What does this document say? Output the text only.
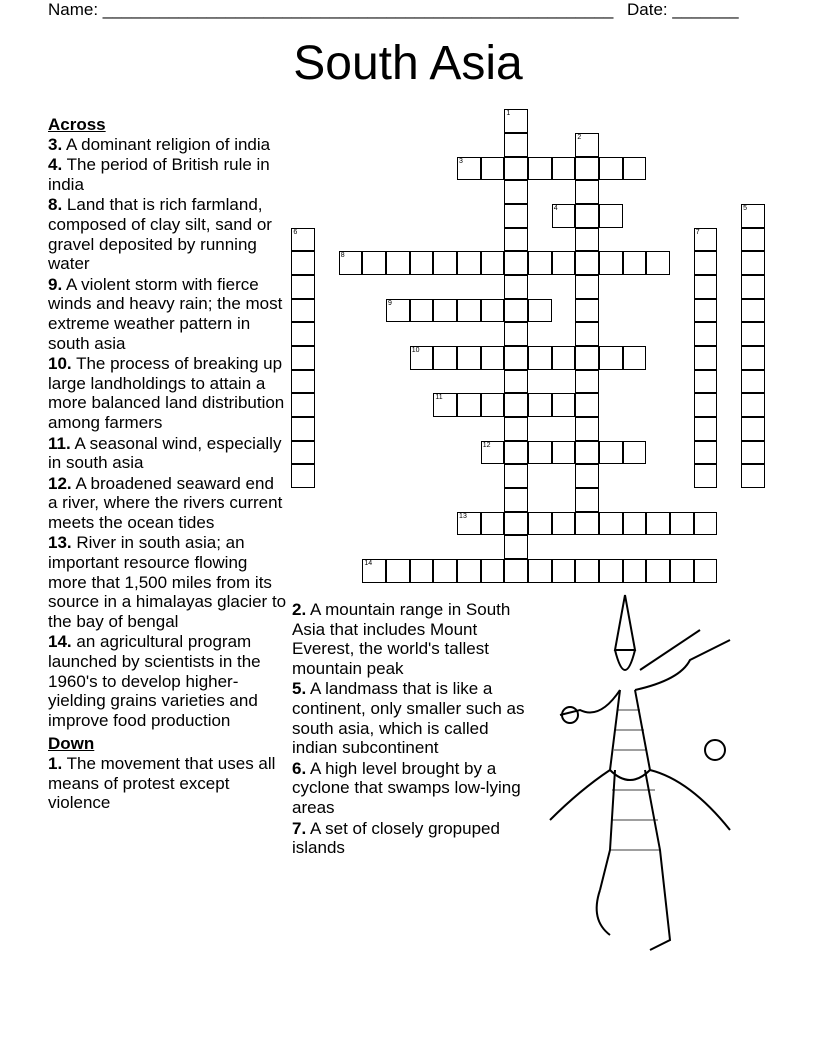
Name: ______________________________________________________ Date: _______
South Asia
Across
3. A dominant religion of india
4. The period of British rule in india
8. Land that is rich farmland, composed of clay silt, sand or gravel deposited by running water
9. A violent storm with fierce winds and heavy rain; the most extreme weather pattern in south asia
10. The process of breaking up large landholdings to attain a more balanced land distribution among farmers
11. A seasonal wind, especially in south asia
12. A broadened seaward end a river, where the rivers current meets the ocean tides
13. River in south asia; an important resource flowing more that 1,500 miles from its source in a himalayas glacier to the bay of bengal
14. an agricultural program launched by scientists in the 1960's to develop higher-yielding grains varieties and improve food production
Down
1. The movement that uses all means of protest except violence
2. A mountain range in South Asia that includes Mount Everest, the world's tallest mountain peak
5. A landmass that is like a continent, only smaller such as south asia, which is called indian subcontinent
6. A high level brought by a cyclone that swamps low-lying areas
7. A set of closely gropuped islands
1
2
3
4	5
6	7
8
9
10
11
12
13
14
